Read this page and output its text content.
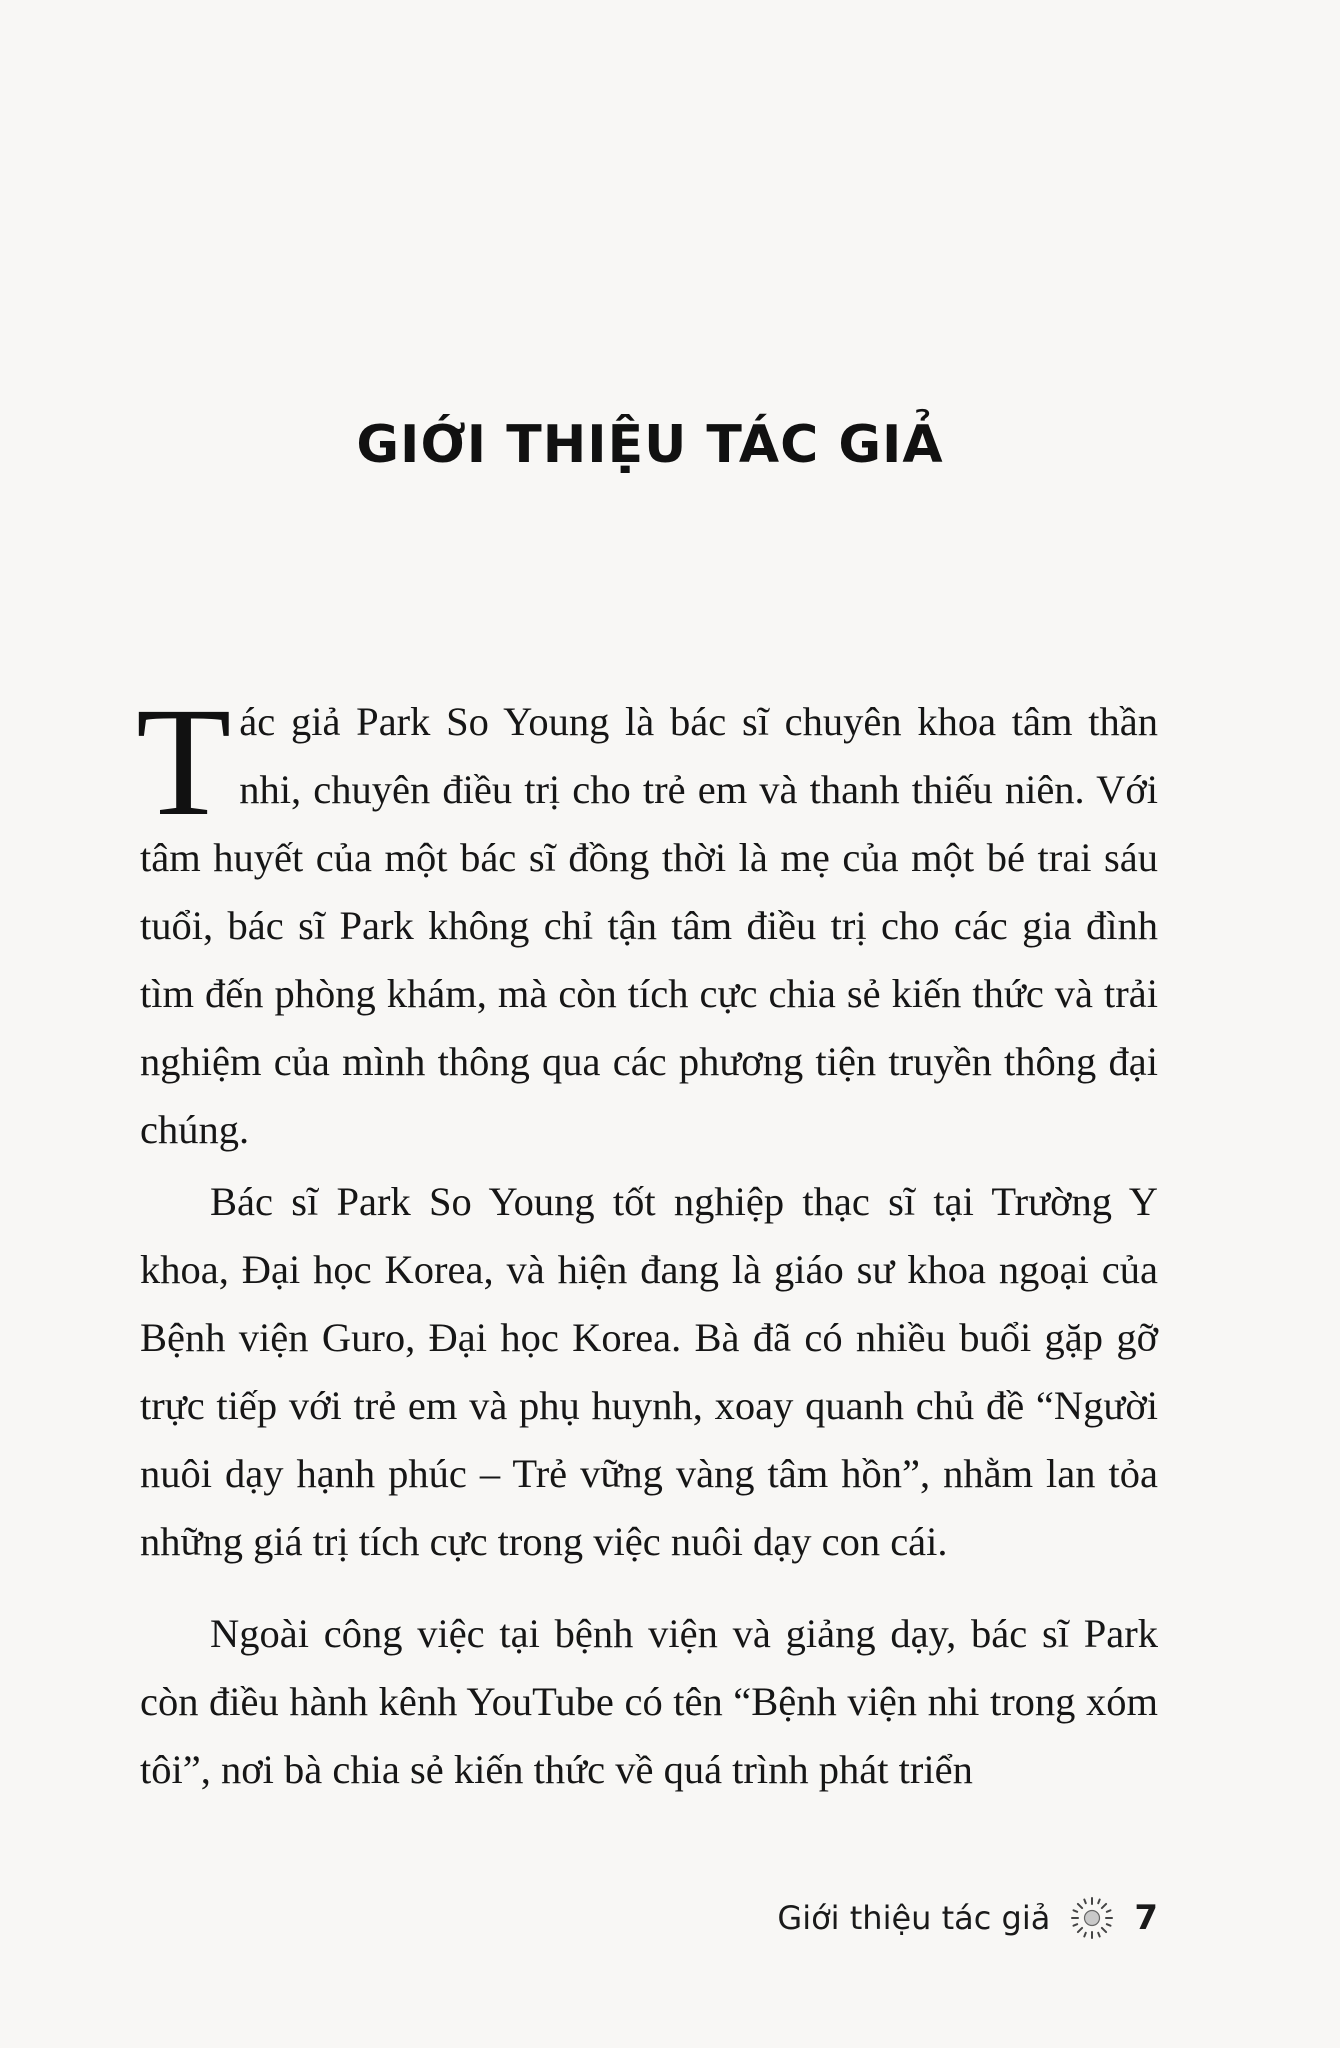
GIỚI THIỆU TÁC GIẢ

Tác giả Park So Young là bác sĩ chuyên khoa tâm thần nhi, chuyên điều trị cho trẻ em và thanh thiếu niên. Với tâm huyết của một bác sĩ đồng thời là mẹ của một bé trai sáu tuổi, bác sĩ Park không chỉ tận tâm điều trị cho các gia đình tìm đến phòng khám, mà còn tích cực chia sẻ kiến thức và trải nghiệm của mình thông qua các phương tiện truyền thông đại chúng.

Bác sĩ Park So Young tốt nghiệp thạc sĩ tại Trường Y khoa, Đại học Korea, và hiện đang là giáo sư khoa ngoại của Bệnh viện Guro, Đại học Korea. Bà đã có nhiều buổi gặp gỡ trực tiếp với trẻ em và phụ huynh, xoay quanh chủ đề “Người nuôi dạy hạnh phúc – Trẻ vững vàng tâm hồn”, nhằm lan tỏa những giá trị tích cực trong việc nuôi dạy con cái.

Ngoài công việc tại bệnh viện và giảng dạy, bác sĩ Park còn điều hành kênh YouTube có tên “Bệnh viện nhi trong xóm tôi”, nơi bà chia sẻ kiến thức về quá trình phát triển

Giới thiệu tác giả 7
